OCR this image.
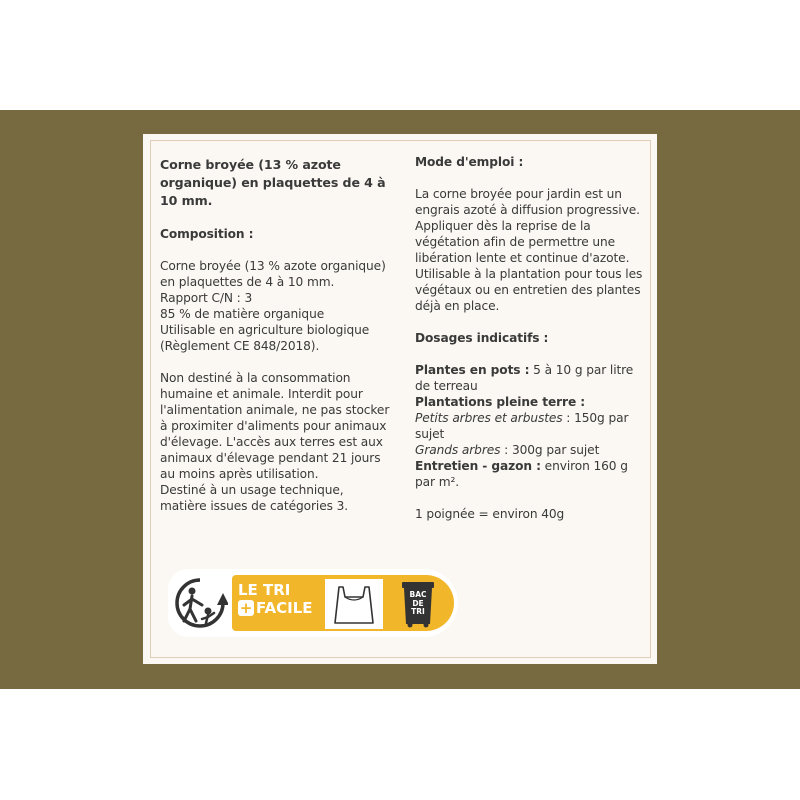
Corne broyée (13 % azote organique) en plaquettes de 4 à 10 mm.

Composition :

Corne broyée (13 % azote organique) en plaquettes de 4 à 10 mm.

Rapport C/N : 3

85 % de matière organique

Utilisable en agriculture biologique (Règlement CE 848/2018).

Non destiné à la consommation humaine et animale. Interdit pour l'alimentation animale, ne pas stocker à proximiter d'aliments pour animaux d'élevage. L'accès aux terres est aux animaux d'élevage pendant 21 jours au moins après utilisation.

Destiné à un usage technique, matière issues de catégories 3.

Mode d'emploi :

La corne broyée pour jardin est un engrais azoté à diffusion progressive. Appliquer dès la reprise de la végétation afin de permettre une libération lente et continue d'azote. Utilisable à la plantation pour tous les végétaux ou en entretien des plantes déjà en place.

Dosages indicatifs :

Plantes en pots : 5 à 10 g par litre de terreau

Plantations pleine terre :

Petits arbres et arbustes : 150g par sujet

Grands arbres : 300g par sujet

Entretien - gazon : environ 160 g par m².

1 poignée = environ 40g

LE TRI
+ FACILE
BAC
DE
TRI
